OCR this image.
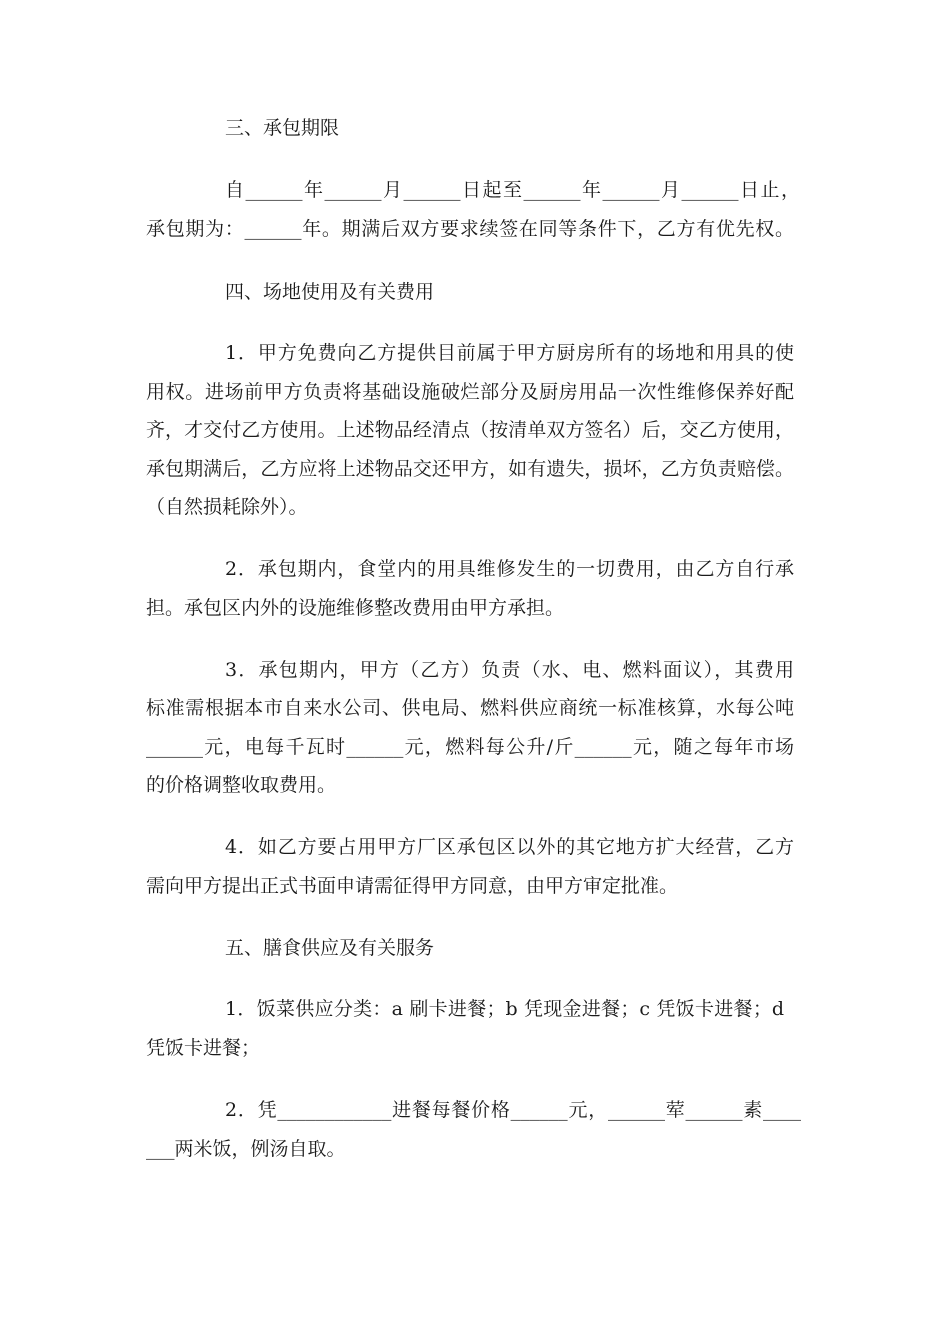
三、承包期限
自______年______月______日起至______年______月______日止，
承包期为：______年。期满后双方要求续签在同等条件下，乙方有优先权。
四、场地使用及有关费用
1．甲方免费向乙方提供目前属于甲方厨房所有的场地和用具的使
用权。进场前甲方负责将基础设施破烂部分及厨房用品一次性维修保养好配
齐，才交付乙方使用。上述物品经清点（按清单双方签名）后，交乙方使用，
承包期满后，乙方应将上述物品交还甲方，如有遗失，损坏，乙方负责赔偿。
（自然损耗除外）。
2．承包期内，食堂内的用具维修发生的一切费用，由乙方自行承
担。承包区内外的设施维修整改费用由甲方承担。
3．承包期内，甲方（乙方）负责（水、电、燃料面议），其费用
标准需根据本市自来水公司、供电局、燃料供应商统一标准核算，水每公吨
______元，电每千瓦时______元，燃料每公升/斤______元，随之每年市场
的价格调整收取费用。
4．如乙方要占用甲方厂区承包区以外的其它地方扩大经营，乙方
需向甲方提出正式书面申请需征得甲方同意，由甲方审定批准。
五、膳食供应及有关服务
1．饭菜供应分类：a 刷卡进餐；b 凭现金进餐；c 凭饭卡进餐；d
凭饭卡进餐；
2．凭____________进餐每餐价格______元，______荤______素____
___两米饭，例汤自取。
